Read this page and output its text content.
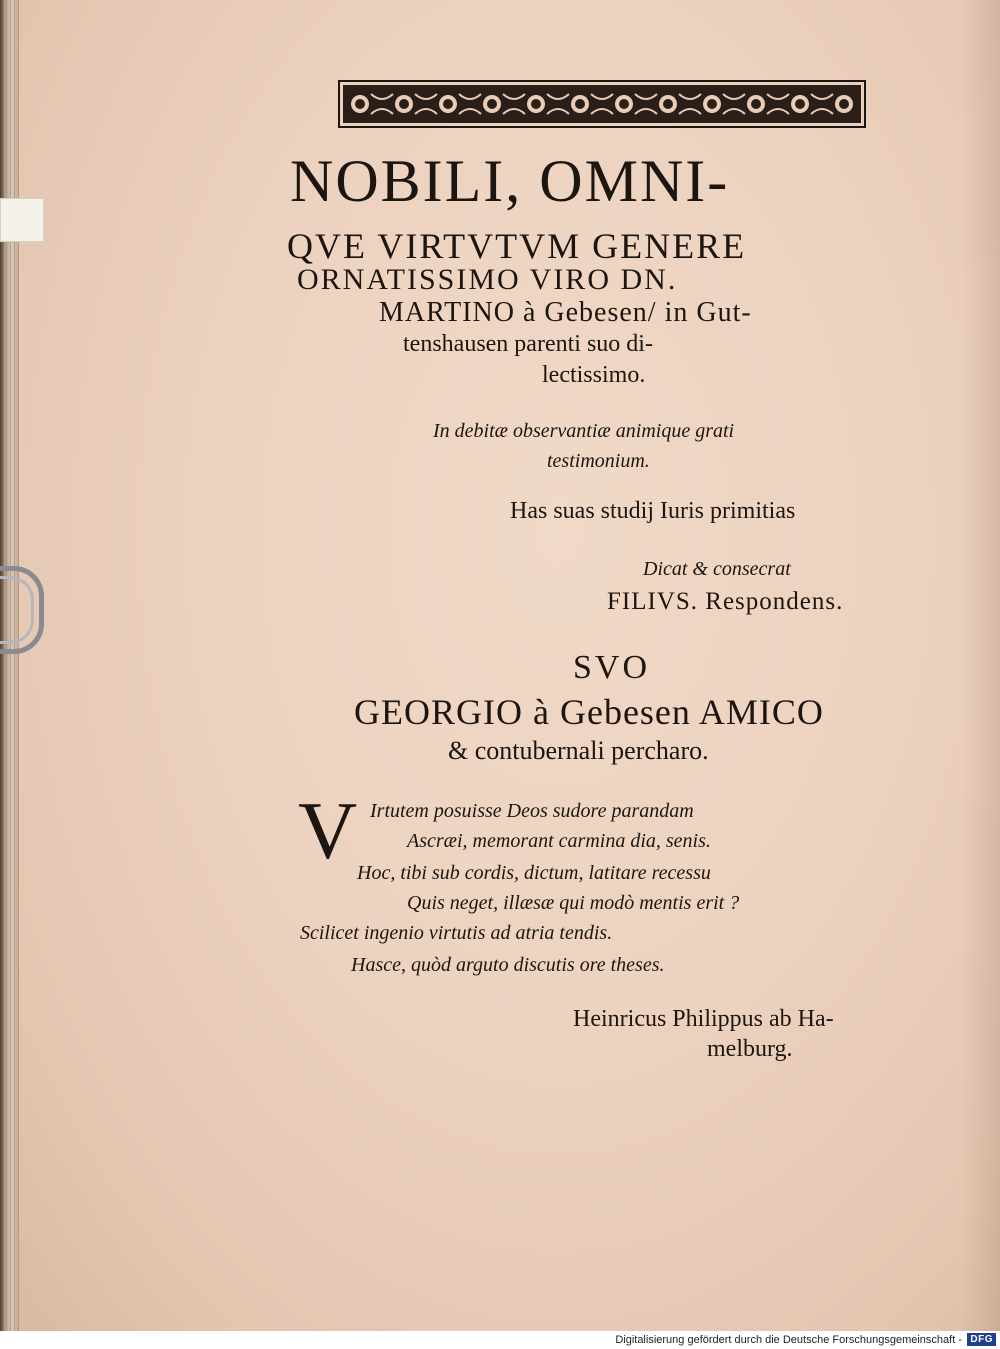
NOBILI, OMNI-
QVE VIRTVTVM GENERE
ORNATISSIMO VIRO DN.
MARTINO à Gebesen/ in Gut-
tenshausen parenti suo di-
lectissimo.
In debitæ observantiæ animique grati
testimonium.
Has suas studij Iuris primitias
Dicat & consecrat
FILIVS. Respondens.
SVO
GEORGIO à Gebesen AMICO
& contubernali percharo.
V Irtutem posuisse Deos sudore parandam
Ascræi, memorant carmina dia, senis.
Hoc, tibi sub cordis, dictum, latitare recessu
Quis neget, illæsæ qui modò mentis erit ?
Scilicet ingenio virtutis ad atria tendis.
Hasce, quòd arguto discutis ore theses.
Heinricus Philippus ab Ha-
melburg.
Digitalisierung gefördert durch die Deutsche Forschungsgemeinschaft - DFG
